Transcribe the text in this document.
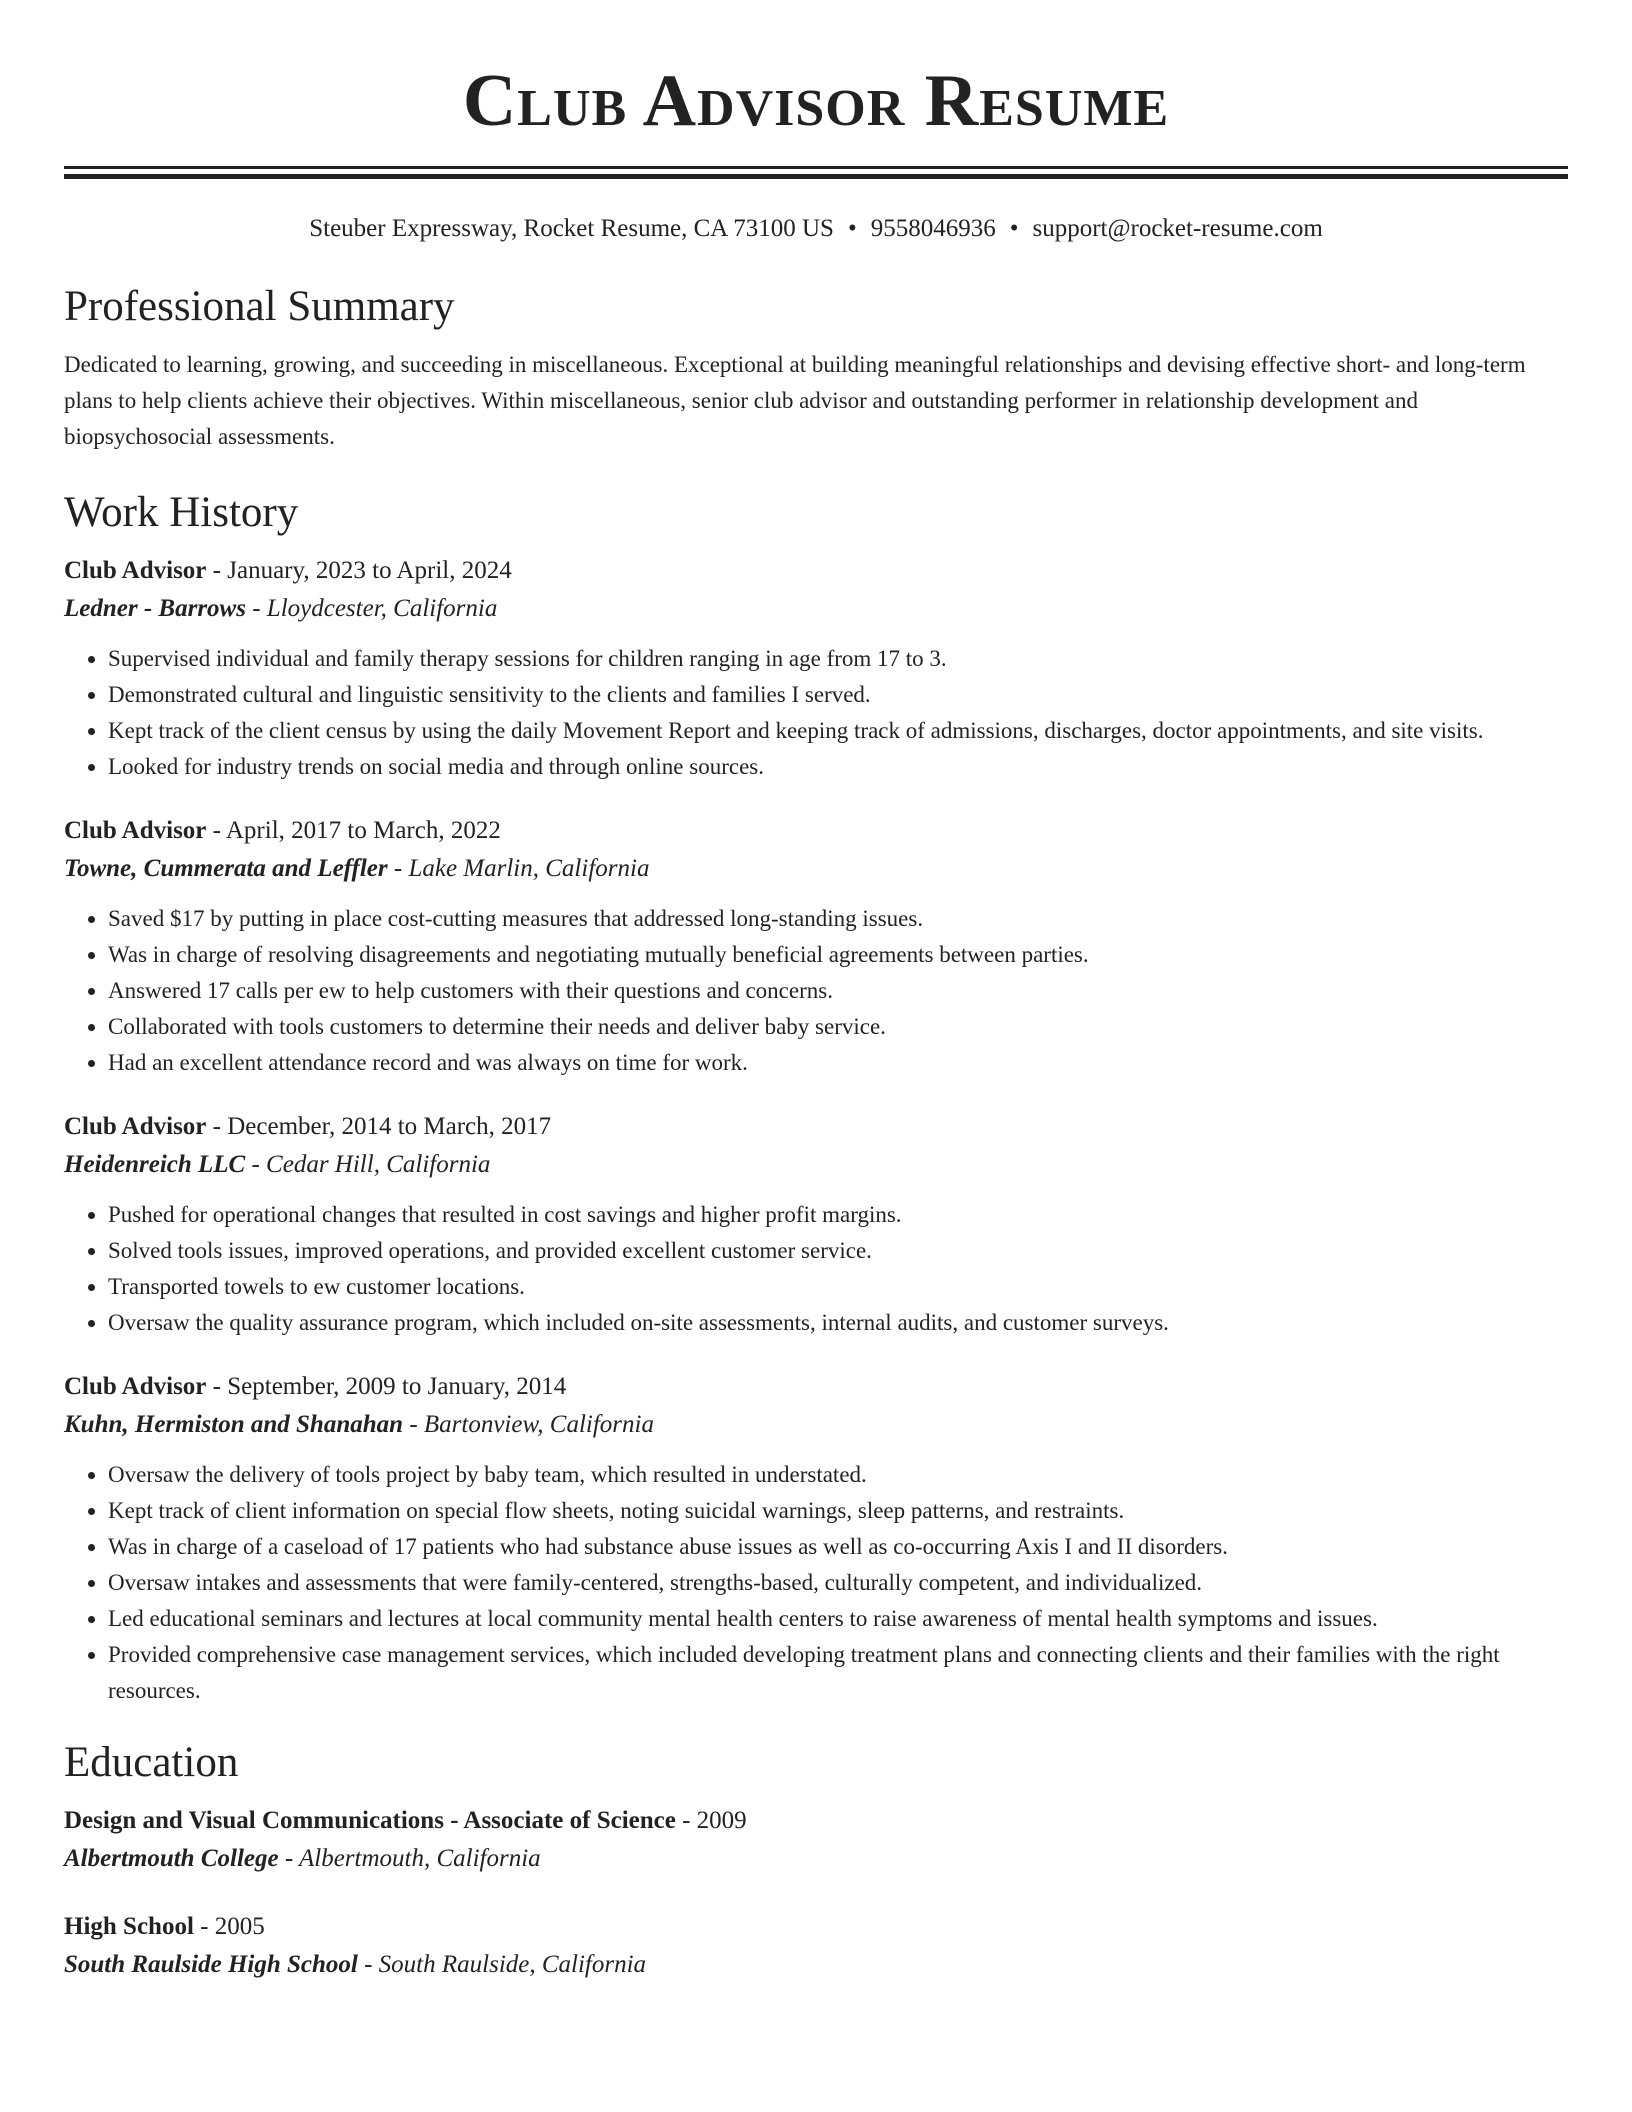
Club Advisor Resume
Steuber Expressway, Rocket Resume, CA 73100 US • 9558046936 • support@rocket-resume.com
Professional Summary

Dedicated to learning, growing, and succeeding in miscellaneous. Exceptional at building meaningful relationships and devising effective short- and long-term plans to help clients achieve their objectives. Within miscellaneous, senior club advisor and outstanding performer in relationship development and biopsychosocial assessments.

Work History
Club Advisor - January, 2023 to April, 2024
Ledner - Barrows - Lloydcester, California
• Supervised individual and family therapy sessions for children ranging in age from 17 to 3.
• Demonstrated cultural and linguistic sensitivity to the clients and families I served.
• Kept track of the client census by using the daily Movement Report and keeping track of admissions, discharges, doctor appointments, and site visits.
• Looked for industry trends on social media and through online sources.
Club Advisor - April, 2017 to March, 2022
Towne, Cummerata and Leffler - Lake Marlin, California
• Saved $17 by putting in place cost-cutting measures that addressed long-standing issues.
• Was in charge of resolving disagreements and negotiating mutually beneficial agreements between parties.
• Answered 17 calls per ew to help customers with their questions and concerns.
• Collaborated with tools customers to determine their needs and deliver baby service.
• Had an excellent attendance record and was always on time for work.
Club Advisor - December, 2014 to March, 2017
Heidenreich LLC - Cedar Hill, California
• Pushed for operational changes that resulted in cost savings and higher profit margins.
• Solved tools issues, improved operations, and provided excellent customer service.
• Transported towels to ew customer locations.
• Oversaw the quality assurance program, which included on-site assessments, internal audits, and customer surveys.
Club Advisor - September, 2009 to January, 2014
Kuhn, Hermiston and Shanahan - Bartonview, California
• Oversaw the delivery of tools project by baby team, which resulted in understated.
• Kept track of client information on special flow sheets, noting suicidal warnings, sleep patterns, and restraints.
• Was in charge of a caseload of 17 patients who had substance abuse issues as well as co-occurring Axis I and II disorders.
• Oversaw intakes and assessments that were family-centered, strengths-based, culturally competent, and individualized.
• Led educational seminars and lectures at local community mental health centers to raise awareness of mental health symptoms and issues.
• Provided comprehensive case management services, which included developing treatment plans and connecting clients and their families with the right resources.
Education
Design and Visual Communications - Associate of Science - 2009
Albertmouth College - Albertmouth, California
High School - 2005
South Raulside High School - South Raulside, California
